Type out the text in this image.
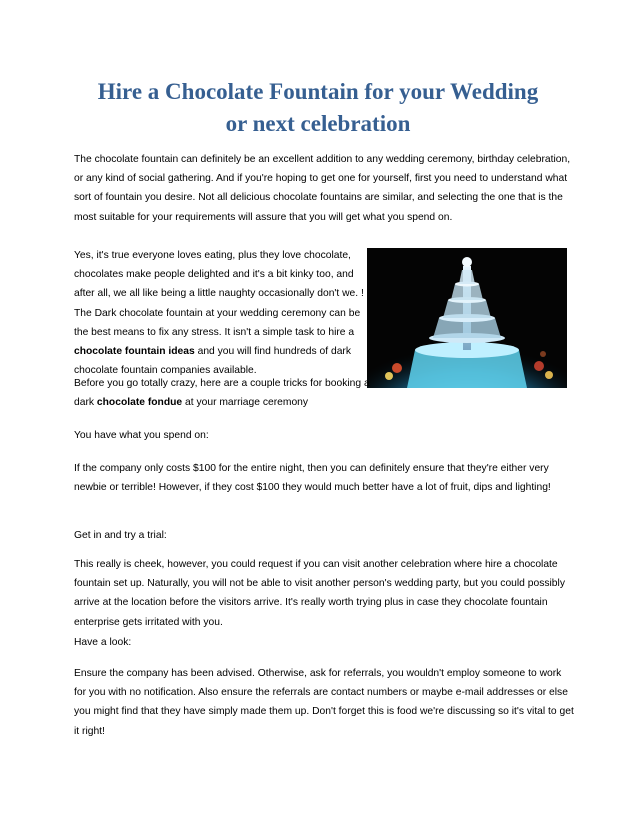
Hire a Chocolate Fountain for your Wedding
or next celebration

The chocolate fountain can definitely be an excellent addition to any wedding ceremony, birthday celebration, or any kind of social gathering. And if you're hoping to get one for yourself, first you need to understand what sort of fountain you desire. Not all delicious chocolate fountains are similar, and selecting the one that is the most suitable for your requirements will assure that you will get what you spend on.

Yes, it's true everyone loves eating, plus they love chocolate, chocolates make people delighted and it's a bit kinky too, and after all, we all like being a little naughty occasionally don't we. ! The Dark chocolate fountain at your wedding ceremony can be the best means to fix any stress. It isn't a simple task to hire a chocolate fountain ideas and you will find hundreds of dark chocolate fountain companies available.

Before you go totally crazy, here are a couple tricks for booking a dark chocolate fondue at your marriage ceremony

You have what you spend on:

If the company only costs $100 for the entire night, then you can definitely ensure that they're either very newbie or terrible! However, if they cost $100 they would much better have a lot of fruit, dips and lighting!

Get in and try a trial:

This really is cheek, however, you could request if you can visit another celebration where hire a chocolate fountain set up. Naturally, you will not be able to visit another person's wedding party, but you could possibly arrive at the location before the visitors arrive. It's really worth trying plus in case they chocolate fountain enterprise gets irritated with you.

Have a look:

Ensure the company has been advised. Otherwise, ask for referrals, you wouldn't employ someone to work for you with no notification. Also ensure the referrals are contact numbers or maybe e-mail addresses or else you might find that they have simply made them up. Don't forget this is food we're discussing so it's vital to get it right!
